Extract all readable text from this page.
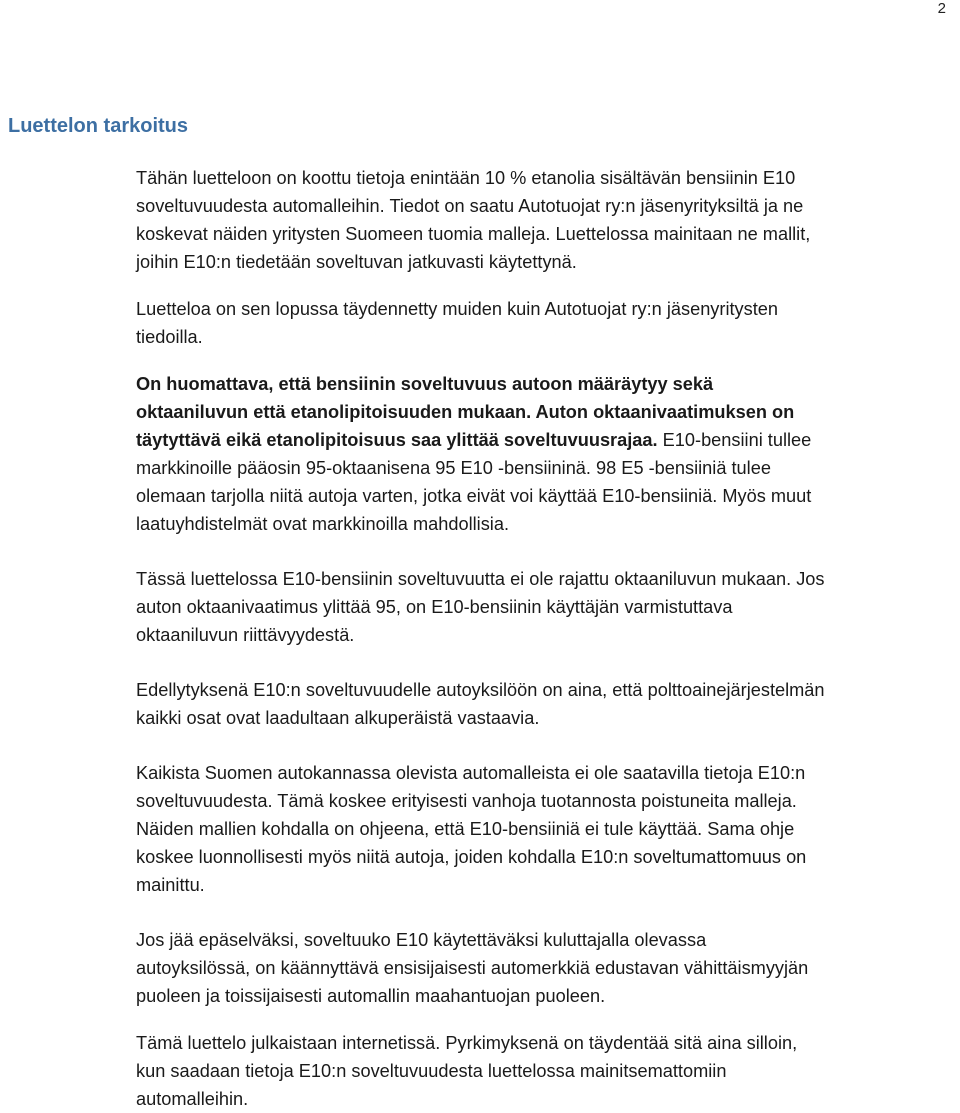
2
Luettelon tarkoitus

Tähän luetteloon on koottu tietoja enintään 10 % etanolia sisältävän bensiinin E10
soveltuvuudesta automalleihin. Tiedot on saatu Autotuojat ry:n jäsenyrityksiltä ja ne
koskevat näiden yritysten Suomeen tuomia malleja. Luettelossa mainitaan ne mallit,
joihin E10:n tiedetään soveltuvan jatkuvasti käytettynä.

Luetteloa on sen lopussa täydennetty muiden kuin Autotuojat ry:n jäsenyritysten
tiedoilla.

On huomattava, että bensiinin soveltuvuus autoon määräytyy sekä
oktaaniluvun että etanolipitoisuuden mukaan. Auton oktaanivaatimuksen on
täytyttävä eikä etanolipitoisuus saa ylittää soveltuvuusrajaa. E10-bensiini tullee
markkinoille pääosin 95-oktaanisena 95 E10 -bensiininä. 98 E5 -bensiiniä tulee
olemaan tarjolla niitä autoja varten, jotka eivät voi käyttää E10-bensiiniä. Myös muut
laatuyhdistelmät ovat markkinoilla mahdollisia.

Tässä luettelossa E10-bensiinin soveltuvuutta ei ole rajattu oktaaniluvun mukaan. Jos
auton oktaanivaatimus ylittää 95, on E10-bensiinin käyttäjän varmistuttava
oktaaniluvun riittävyydestä.

Edellytyksenä E10:n soveltuvuudelle autoyksilöön on aina, että polttoainejärjestelmän
kaikki osat ovat laadultaan alkuperäistä vastaavia.

Kaikista Suomen autokannassa olevista automalleista ei ole saatavilla tietoja E10:n
soveltuvuudesta. Tämä koskee erityisesti vanhoja tuotannosta poistuneita malleja.
Näiden mallien kohdalla on ohjeena, että E10-bensiiniä ei tule käyttää. Sama ohje
koskee luonnollisesti myös niitä autoja, joiden kohdalla E10:n soveltumattomuus on
mainittu.

Jos jää epäselväksi, soveltuuko E10 käytettäväksi kuluttajalla olevassa
autoyksilössä, on käännyttävä ensisijaisesti automerkkiä edustavan vähittäismyyjän
puoleen ja toissijaisesti automallin maahantuojan puoleen.

Tämä luettelo julkaistaan internetissä. Pyrkimyksenä on täydentää sitä aina silloin,
kun saadaan tietoja E10:n soveltuvuudesta luettelossa mainitsemattomiin
automalleihin.
